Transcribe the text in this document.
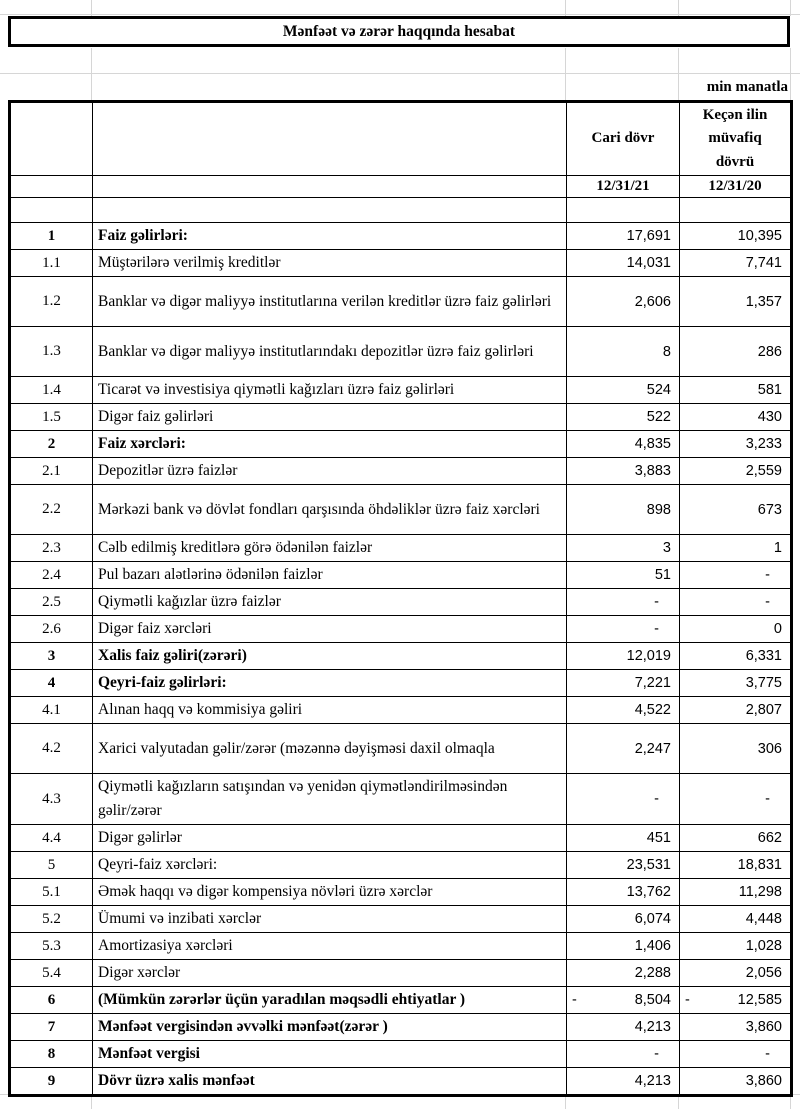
Mənfəət və zərər haqqında hesabat
min manatla
		Cari dövr	Keçən ilin
müvafiq
dövrü

		12/31/21	12/31/20

1	Faiz gəlirləri:	17,691	10,395
1.1	Müştərilərə verilmiş kreditlər	14,031	7,741
1.2	Banklar və digər maliyyə institutlarına verilən kreditlər üzrə faiz gəlirləri	2,606	1,357
1.3	Banklar və digər maliyyə institutlarındakı depozitlər üzrə faiz gəlirləri	8	286
1.4	Ticarət və investisiya qiymətli kağızları üzrə faiz gəlirləri	524	581
1.5	Digər faiz gəlirləri	522	430
2	Faiz xərcləri:	4,835	3,233
2.1	Depozitlər üzrə faizlər	3,883	2,559
2.2	Mərkəzi bank və dövlət fondları qarşısında öhdəliklər üzrə faiz xərcləri	898	673
2.3	Cəlb edilmiş kreditlərə görə ödənilən faizlər	3	1
2.4	Pul bazarı alətlərinə ödənilən faizlər	51	-
2.5	Qiymətli kağızlar üzrə faizlər	-	-
2.6	Digər faiz xərcləri	-	0
3	Xalis faiz gəliri(zərəri)	12,019	6,331
4	Qeyri-faiz gəlirləri:	7,221	3,775
4.1	Alınan haqq və kommisiya gəliri	4,522	2,807
4.2	Xarici valyutadan gəlir/zərər (məzənnə dəyişməsi daxil olmaqla	2,247	306
4.3	Qiymətli kağızların satışından və yenidən qiymətləndirilməsindən gəlir/zərər	-	-
4.4	Digər gəlirlər	451	662
5	Qeyri-faiz xərcləri:	23,531	18,831
5.1	Əmək haqqı və digər kompensiya növləri üzrə xərclər	13,762	11,298
5.2	Ümumi və inzibati xərclər	6,074	4,448
5.3	Amortizasiya xərcləri	1,406	1,028
5.4	Digər xərclər	2,288	2,056
6	(Mümkün zərərlər üçün yaradılan məqsədli ehtiyatlar )	- 8,504	- 12,585
7	Mənfəət vergisindən əvvəlki mənfəət(zərər )	4,213	3,860
8	Mənfəət vergisi	-	-
9	Dövr üzrə xalis mənfəət	4,213	3,860
